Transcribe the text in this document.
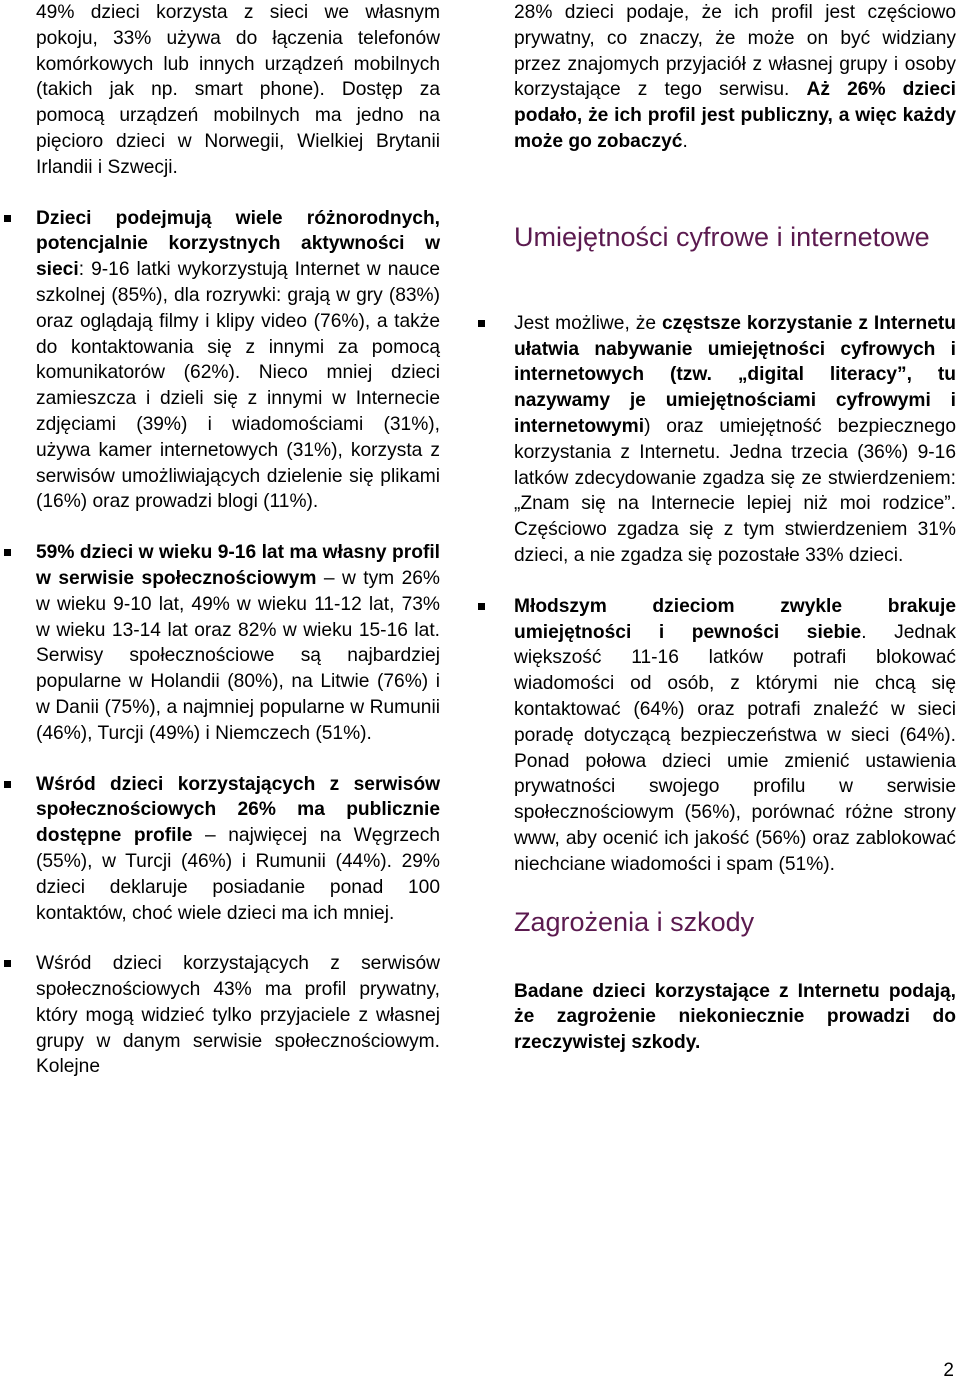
49% dzieci korzysta z sieci we własnym pokoju, 33% używa do łączenia telefonów komórkowych lub innych urządzeń mobilnych (takich jak np. smart phone). Dostęp za pomocą urządzeń mobilnych ma jedno na pięcioro dzieci w Norwegii, Wielkiej Brytanii Irlandii i Szwecji.

Dzieci podejmują wiele różnorodnych, potencjalnie korzystnych aktywności w sieci: 9-16 latki wykorzystują Internet w nauce szkolnej (85%), dla rozrywki: grają w gry (83%) oraz oglądają filmy i klipy video (76%), a także do kontaktowania się z innymi za pomocą komunikatorów (62%). Nieco mniej dzieci zamieszcza i dzieli się z innymi w Internecie zdjęciami (39%) i wiadomościami (31%), używa kamer internetowych (31%), korzysta z serwisów umożliwiających dzielenie się plikami (16%) oraz prowadzi blogi (11%).
59% dzieci w wieku 9-16 lat ma własny profil w serwisie społecznościowym – w tym 26% w wieku 9-10 lat, 49% w wieku 11-12 lat, 73% w wieku 13-14 lat oraz 82% w wieku 15-16 lat. Serwisy społecznościowe są najbardziej popularne w Holandii (80%), na Litwie (76%) i w Danii (75%), a najmniej popularne w Rumunii (46%), Turcji (49%) i Niemczech (51%).
Wśród dzieci korzystających z serwisów społecznościowych 26% ma publicznie dostępne profile – najwięcej na Węgrzech (55%), w Turcji (46%) i Rumunii (44%). 29% dzieci deklaruje posiadanie ponad 100 kontaktów, choć wiele dzieci ma ich mniej.
Wśród dzieci korzystających z serwisów społecznościowych 43% ma profil prywatny, który mogą widzieć tylko przyjaciele z własnej grupy w danym serwisie społecznościowym. Kolejne

28% dzieci podaje, że ich profil jest częściowo prywatny, co znaczy, że może on być widziany przez znajomych przyjaciół z własnej grupy i osoby korzystające z tego serwisu. Aż 26% dzieci podało, że ich profil jest publiczny, a więc każdy może go zobaczyć.

Umiejętności cyfrowe i internetowe
Jest możliwe, że częstsze korzystanie z Internetu ułatwia nabywanie umiejętności cyfrowych i internetowych (tzw. „digital literacy”, tu nazywamy je umiejętnościami cyfrowymi i internetowymi) oraz umiejętność bezpiecznego korzystania z Internetu. Jedna trzecia (36%) 9-16 latków zdecydowanie zgadza się ze stwierdzeniem: „Znam się na Internecie lepiej niż moi rodzice”. Częściowo zgadza się z tym stwierdzeniem 31% dzieci, a nie zgadza się pozostałe 33% dzieci.
Młodszym dzieciom zwykle brakuje umiejętności i pewności siebie. Jednak większość 11-16 latków potrafi blokować wiadomości od osób, z którymi nie chcą się kontaktować (64%) oraz potrafi znaleźć w sieci poradę dotyczącą bezpieczeństwa w sieci (64%). Ponad połowa dzieci umie zmienić ustawienia prywatności swojego profilu w serwisie społecznościowym (56%), porównać różne strony www, aby ocenić ich jakość (56%) oraz zablokować niechciane wiadomości i spam (51%).
Zagrożenia i szkody

Badane dzieci korzystające z Internetu podają, że zagrożenie niekoniecznie prowadzi do rzeczywistej szkody.

2
